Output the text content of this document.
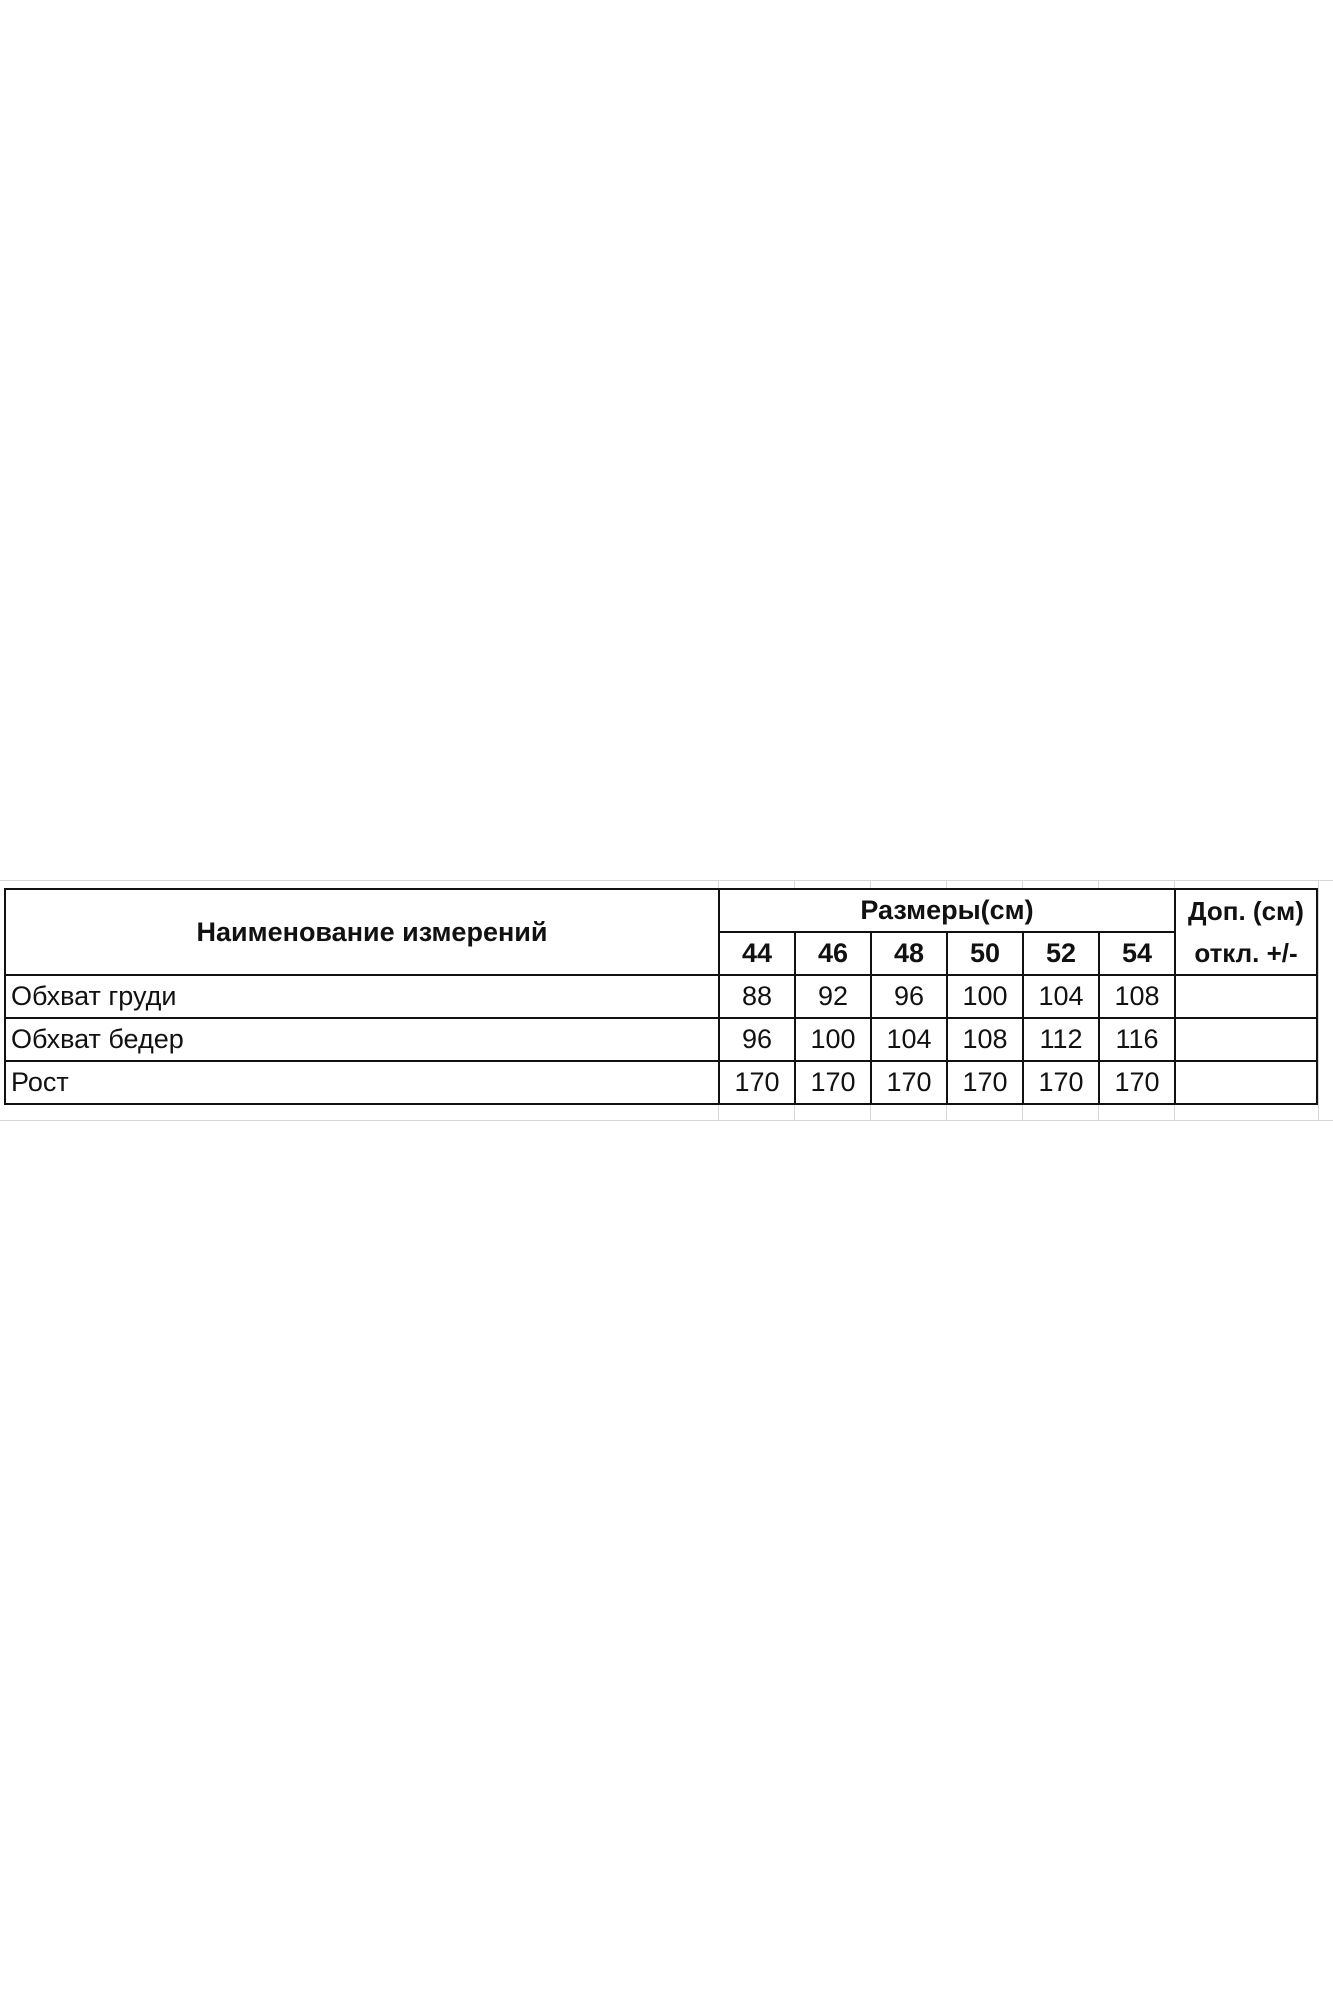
Наименование измерений	Размеры(см)						Доп. (см)
	44	46	48	50	52	54	откл. +/-
Обхват груди	88	92	96	100	104	108	
Обхват бедер	96	100	104	108	112	116	
Рост	170	170	170	170	170	170	
